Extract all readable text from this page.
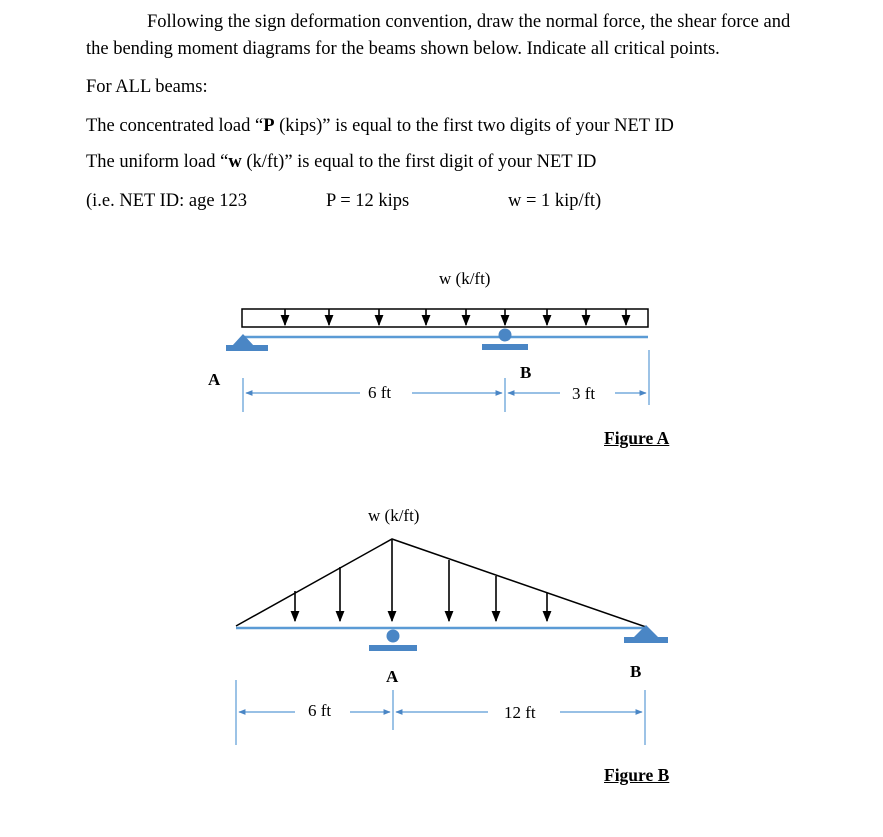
Following the sign deformation convention, draw the normal force, the shear force and
the bending moment diagrams for the beams shown below. Indicate all critical points.
For ALL beams:
The concentrated load “P (kips)” is equal to the first two digits of your NET ID
The uniform load “w (k/ft)” is equal to the first digit of your NET ID
(i.e. NET ID: age 123	P = 12 kips	w = 1 kip/ft)
w (k/ft)
A	B
6 ft	3 ft
Figure A
w (k/ft)
A	B
6 ft	12 ft
Figure B
